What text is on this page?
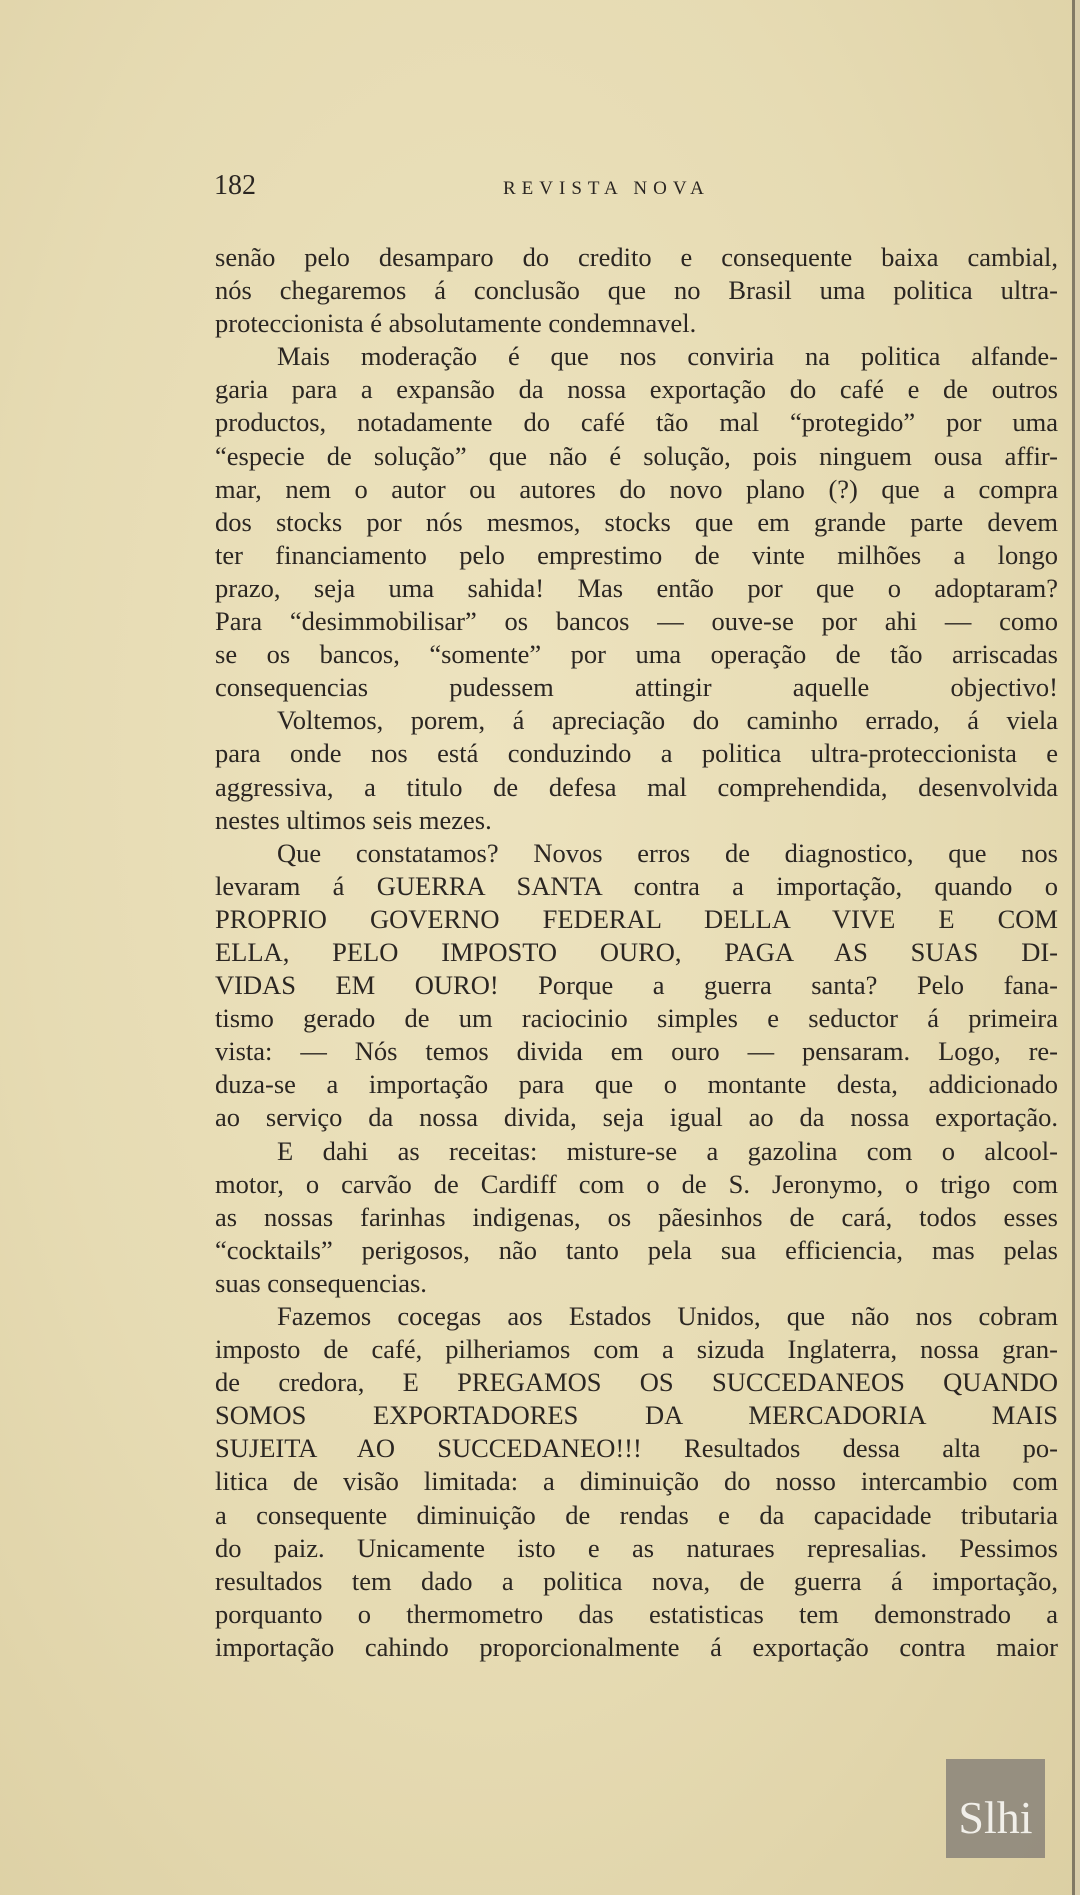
182	REVISTA NOVA
senão pelo desamparo do credito e consequente baixa cambial,
nós chegaremos á conclusão que no Brasil uma politica ultra-
proteccionista é absolutamente condemnavel.
Mais moderação é que nos conviria na politica alfande-
garia para a expansão da nossa exportação do café e de outros
productos, notadamente do café tão mal “protegido” por uma
“especie de solução” que não é solução, pois ninguem ousa affir-
mar, nem o autor ou autores do novo plano (?) que a compra
dos stocks por nós mesmos, stocks que em grande parte devem
ter financiamento pelo emprestimo de vinte milhões a longo
prazo, seja uma sahida! Mas então por que o adoptaram?
Para “desimmobilisar” os bancos — ouve-se por ahi — como
se os bancos, “somente” por uma operação de tão arriscadas
consequencias pudessem attingir aquelle objectivo!
Voltemos, porem, á apreciação do caminho errado, á viela
para onde nos está conduzindo a politica ultra-proteccionista e
aggressiva, a titulo de defesa mal comprehendida, desenvolvida
nestes ultimos seis mezes.
Que constatamos? Novos erros de diagnostico, que nos
levaram á GUERRA SANTA contra a importação, quando o
PROPRIO GOVERNO FEDERAL DELLA VIVE E COM
ELLA, PELO IMPOSTO OURO, PAGA AS SUAS DI-
VIDAS EM OURO! Porque a guerra santa? Pelo fana-
tismo gerado de um raciocinio simples e seductor á primeira
vista: — Nós temos divida em ouro — pensaram. Logo, re-
duza-se a importação para que o montante desta, addicionado
ao serviço da nossa divida, seja igual ao da nossa exportação.
E dahi as receitas: misture-se a gazolina com o alcool-
motor, o carvão de Cardiff com o de S. Jeronymo, o trigo com
as nossas farinhas indigenas, os pãesinhos de cará, todos esses
“cocktails” perigosos, não tanto pela sua efficiencia, mas pelas
suas consequencias.
Fazemos cocegas aos Estados Unidos, que não nos cobram
imposto de café, pilheriamos com a sizuda Inglaterra, nossa gran-
de credora, E PREGAMOS OS SUCCEDANEOS QUANDO
SOMOS EXPORTADORES DA MERCADORIA MAIS
SUJEITA AO SUCCEDANEO!!! Resultados dessa alta po-
litica de visão limitada: a diminuição do nosso intercambio com
a consequente diminuição de rendas e da capacidade tributaria
do paiz. Unicamente isto e as naturaes represalias. Pessimos
resultados tem dado a politica nova, de guerra á importação,
porquanto o thermometro das estatisticas tem demonstrado a
importação cahindo proporcionalmente á exportação contra maior
Slhi
